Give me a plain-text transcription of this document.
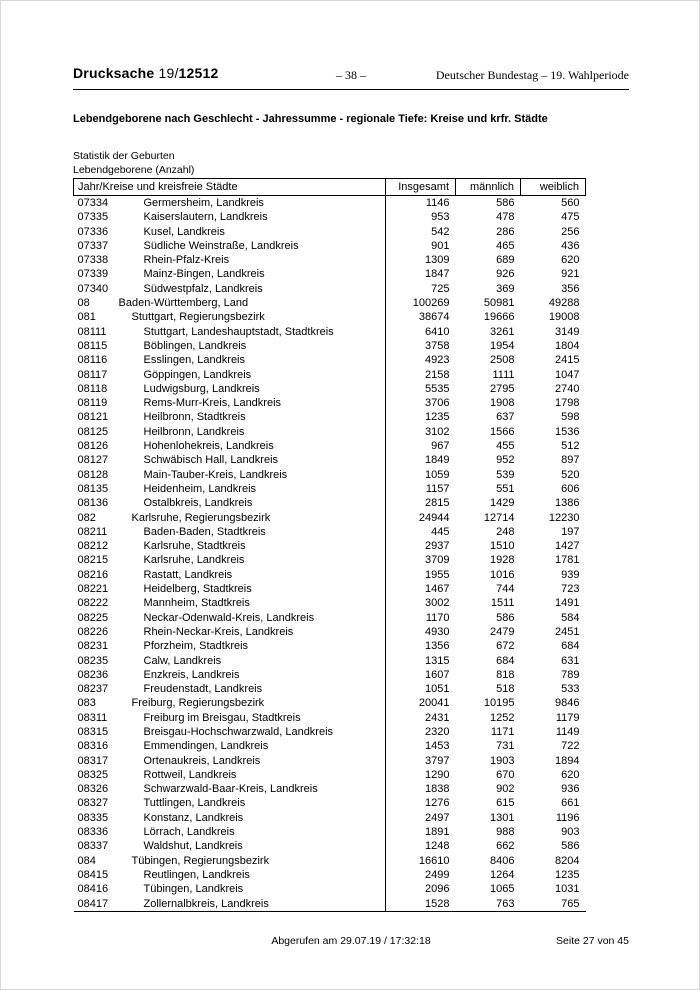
Drucksache 19/12512	– 38 –	Deutscher Bundestag – 19. Wahlperiode
Lebendgeborene nach Geschlecht - Jahressumme - regionale Tiefe: Kreise und krfr. Städte
Statistik der Geburten
Lebendgeborene (Anzahl)
Jahr/Kreise und kreisfreie Städte	Insgesamt	männlich	weiblich
07334 Germersheim, Landkreis	1146	586	560
07335 Kaiserslautern, Landkreis	953	478	475
07336 Kusel, Landkreis	542	286	256
07337 Südliche Weinstraße, Landkreis	901	465	436
07338 Rhein-Pfalz-Kreis	1309	689	620
07339 Mainz-Bingen, Landkreis	1847	926	921
07340 Südwestpfalz, Landkreis	725	369	356
08 Baden-Württemberg, Land	100269	50981	49288
081 Stuttgart, Regierungsbezirk	38674	19666	19008
08111 Stuttgart, Landeshauptstadt, Stadtkreis	6410	3261	3149
08115 Böblingen, Landkreis	3758	1954	1804
08116 Esslingen, Landkreis	4923	2508	2415
08117 Göppingen, Landkreis	2158	1111	1047
08118 Ludwigsburg, Landkreis	5535	2795	2740
08119 Rems-Murr-Kreis, Landkreis	3706	1908	1798
08121 Heilbronn, Stadtkreis	1235	637	598
08125 Heilbronn, Landkreis	3102	1566	1536
08126 Hohenlohekreis, Landkreis	967	455	512
08127 Schwäbisch Hall, Landkreis	1849	952	897
08128 Main-Tauber-Kreis, Landkreis	1059	539	520
08135 Heidenheim, Landkreis	1157	551	606
08136 Ostalbkreis, Landkreis	2815	1429	1386
082 Karlsruhe, Regierungsbezirk	24944	12714	12230
08211 Baden-Baden, Stadtkreis	445	248	197
08212 Karlsruhe, Stadtkreis	2937	1510	1427
08215 Karlsruhe, Landkreis	3709	1928	1781
08216 Rastatt, Landkreis	1955	1016	939
08221 Heidelberg, Stadtkreis	1467	744	723
08222 Mannheim, Stadtkreis	3002	1511	1491
08225 Neckar-Odenwald-Kreis, Landkreis	1170	586	584
08226 Rhein-Neckar-Kreis, Landkreis	4930	2479	2451
08231 Pforzheim, Stadtkreis	1356	672	684
08235 Calw, Landkreis	1315	684	631
08236 Enzkreis, Landkreis	1607	818	789
08237 Freudenstadt, Landkreis	1051	518	533
083 Freiburg, Regierungsbezirk	20041	10195	9846
08311 Freiburg im Breisgau, Stadtkreis	2431	1252	1179
08315 Breisgau-Hochschwarzwald, Landkreis	2320	1171	1149
08316 Emmendingen, Landkreis	1453	731	722
08317 Ortenaukreis, Landkreis	3797	1903	1894
08325 Rottweil, Landkreis	1290	670	620
08326 Schwarzwald-Baar-Kreis, Landkreis	1838	902	936
08327 Tuttlingen, Landkreis	1276	615	661
08335 Konstanz, Landkreis	2497	1301	1196
08336 Lörrach, Landkreis	1891	988	903
08337 Waldshut, Landkreis	1248	662	586
084 Tübingen, Regierungsbezirk	16610	8406	8204
08415 Reutlingen, Landkreis	2499	1264	1235
08416 Tübingen, Landkreis	2096	1065	1031
08417 Zollernalbkreis, Landkreis	1528	763	765
Abgerufen am 29.07.19 / 17:32:18	Seite 27 von 45
